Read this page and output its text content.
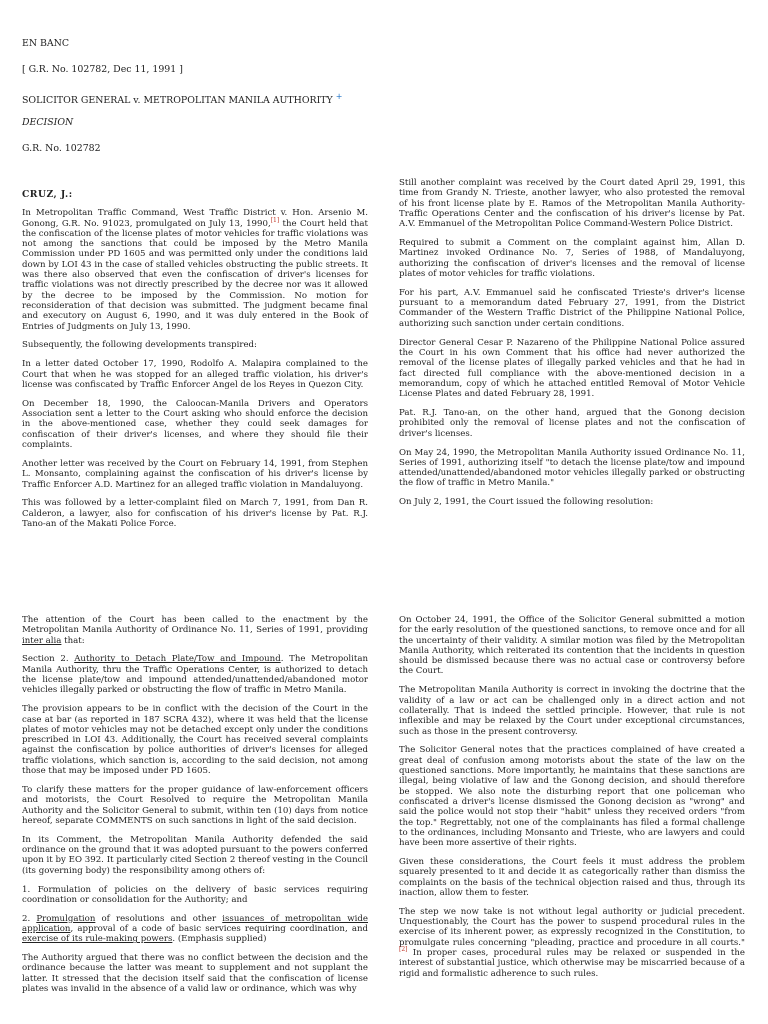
EN BANC
[ G.R. No. 102782, Dec 11, 1991 ]
SOLICITOR GENERAL v. METROPOLITAN MANILA AUTHORITY +
DECISION
G.R. No. 102782

CRUZ, J.:

In Metropolitan Traffic Command, West Traffic District v. Hon. Arsenio M. Gonong, G.R. No. 91023, promulgated on July 13, 1990,[1] the Court held that the confiscation of the license plates of motor vehicles for traffic violations was not among the sanctions that could be imposed by the Metro Manila Commission under PD 1605 and was permitted only under the conditions laid down by LOI 43 in the case of stalled vehicles obstructing the public streets. It was there also observed that even the confiscation of driver's licenses for traffic violations was not directly prescribed by the decree nor was it allowed by the decree to be imposed by the Commission. No motion for reconsideration of that decision was submitted. The judgment became final and executory on August 6, 1990, and it was duly entered in the Book of Entries of Judgments on July 13, 1990.

Subsequently, the following developments transpired:

In a letter dated October 17, 1990, Rodolfo A. Malapira complained to the Court that when he was stopped for an alleged traffic violation, his driver's license was confiscated by Traffic Enforcer Angel de los Reyes in Quezon City.

On December 18, 1990, the Caloocan-Manila Drivers and Operators Association sent a letter to the Court asking who should enforce the decision in the above-mentioned case, whether they could seek damages for confiscation of their driver's licenses, and where they should file their complaints.

Another letter was received by the Court on February 14, 1991, from Stephen L. Monsanto, complaining against the confiscation of his driver's license by Traffic Enforcer A.D. Martinez for an alleged traffic violation in Mandaluyong.

This was followed by a letter-complaint filed on March 7, 1991, from Dan R. Calderon, a lawyer, also for confiscation of his driver's license by Pat. R.J. Tano-an of the Makati Police Force.

Still another complaint was received by the Court dated April 29, 1991, this time from Grandy N. Trieste, another lawyer, who also protested the removal of his front license plate by E. Ramos of the Metropolitan Manila Authority-Traffic Operations Center and the confiscation of his driver's license by Pat. A.V. Emmanuel of the Metropolitan Police Command-Western Police District.

Required to submit a Comment on the complaint against him, Allan D. Martinez invoked Ordinance No. 7, Series of 1988, of Mandaluyong, authorizing the confiscation of driver's licenses and the removal of license plates of motor vehicles for traffic violations.

For his part, A.V. Emmanuel said he confiscated Trieste's driver's license pursuant to a memorandum dated February 27, 1991, from the District Commander of the Western Traffic District of the Philippine National Police, authorizing such sanction under certain conditions.

Director General Cesar P. Nazareno of the Philippine National Police assured the Court in his own Comment that his office had never authorized the removal of the license plates of illegally parked vehicles and that he had in fact directed full compliance with the above-mentioned decision in a memorandum, copy of which he attached entitled Removal of Motor Vehicle License Plates and dated February 28, 1991.

Pat. R.J. Tano-an, on the other hand, argued that the Gonong decision prohibited only the removal of license plates and not the confiscation of driver's licenses.

On May 24, 1990, the Metropolitan Manila Authority issued Ordinance No. 11, Series of 1991, authorizing itself "to detach the license plate/tow and impound attended/unattended/abandoned motor vehicles illegally parked or obstructing the flow of traffic in Metro Manila."

On July 2, 1991, the Court issued the following resolution:

The attention of the Court has been called to the enactment by the Metropolitan Manila Authority of Ordinance No. 11, Series of 1991, providing inter alia that:

Section 2. Authority to Detach Plate/Tow and Impound. The Metropolitan Manila Authority, thru the Traffic Operations Center, is authorized to detach the license plate/tow and impound attended/unattended/abandoned motor vehicles illegally parked or obstructing the flow of traffic in Metro Manila.

The provision appears to be in conflict with the decision of the Court in the case at bar (as reported in 187 SCRA 432), where it was held that the license plates of motor vehicles may not be detached except only under the conditions prescribed in LOI 43. Additionally, the Court has received several complaints against the confiscation by police authorities of driver's licenses for alleged traffic violations, which sanction is, according to the said decision, not among those that may be imposed under PD 1605.

To clarify these matters for the proper guidance of law-enforcement officers and motorists, the Court Resolved to require the Metropolitan Manila Authority and the Solicitor General to submit, within ten (10) days from notice hereof, separate COMMENTS on such sanctions in light of the said decision.

In its Comment, the Metropolitan Manila Authority defended the said ordinance on the ground that it was adopted pursuant to the powers conferred upon it by EO 392. It particularly cited Section 2 thereof vesting in the Council (its governing body) the responsibility among others of:

1. Formulation of policies on the delivery of basic services requiring coordination or consolidation for the Authority; and

2. Promulgation of resolutions and other issuances of metropolitan wide application, approval of a code of basic services requiring coordination, and exercise of its rule-making powers. (Emphasis supplied)

The Authority argued that there was no conflict between the decision and the ordinance because the latter was meant to supplement and not supplant the latter. It stressed that the decision itself said that the confiscation of license plates was invalid in the absence of a valid law or ordinance, which was why

On October 24, 1991, the Office of the Solicitor General submitted a motion for the early resolution of the questioned sanctions, to remove once and for all the uncertainty of their validity. A similar motion was filed by the Metropolitan Manila Authority, which reiterated its contention that the incidents in question should be dismissed because there was no actual case or controversy before the Court.

The Metropolitan Manila Authority is correct in invoking the doctrine that the validity of a law or act can be challenged only in a direct action and not collaterally. That is indeed the settled principle. However, that rule is not inflexible and may be relaxed by the Court under exceptional circumstances, such as those in the present controversy.

The Solicitor General notes that the practices complained of have created a great deal of confusion among motorists about the state of the law on the questioned sanctions. More importantly, he maintains that these sanctions are illegal, being violative of law and the Gonong decision, and should therefore be stopped. We also note the disturbing report that one policeman who confiscated a driver's license dismissed the Gonong decision as "wrong" and said the police would not stop their "habit" unless they received orders "from the top." Regrettably, not one of the complainants has filed a formal challenge to the ordinances, including Monsanto and Trieste, who are lawyers and could have been more assertive of their rights.

Given these considerations, the Court feels it must address the problem squarely presented to it and decide it as categorically rather than dismiss the complaints on the basis of the technical objection raised and thus, through its inaction, allow them to fester.

The step we now take is not without legal authority or judicial precedent. Unquestionably, the Court has the power to suspend procedural rules in the exercise of its inherent power, as expressly recognized in the Constitution, to promulgate rules concerning "pleading, practice and procedure in all courts."[2] In proper cases, procedural rules may be relaxed or suspended in the interest of substantial justice, which otherwise may be miscarried because of a rigid and formalistic adherence to such rules.
